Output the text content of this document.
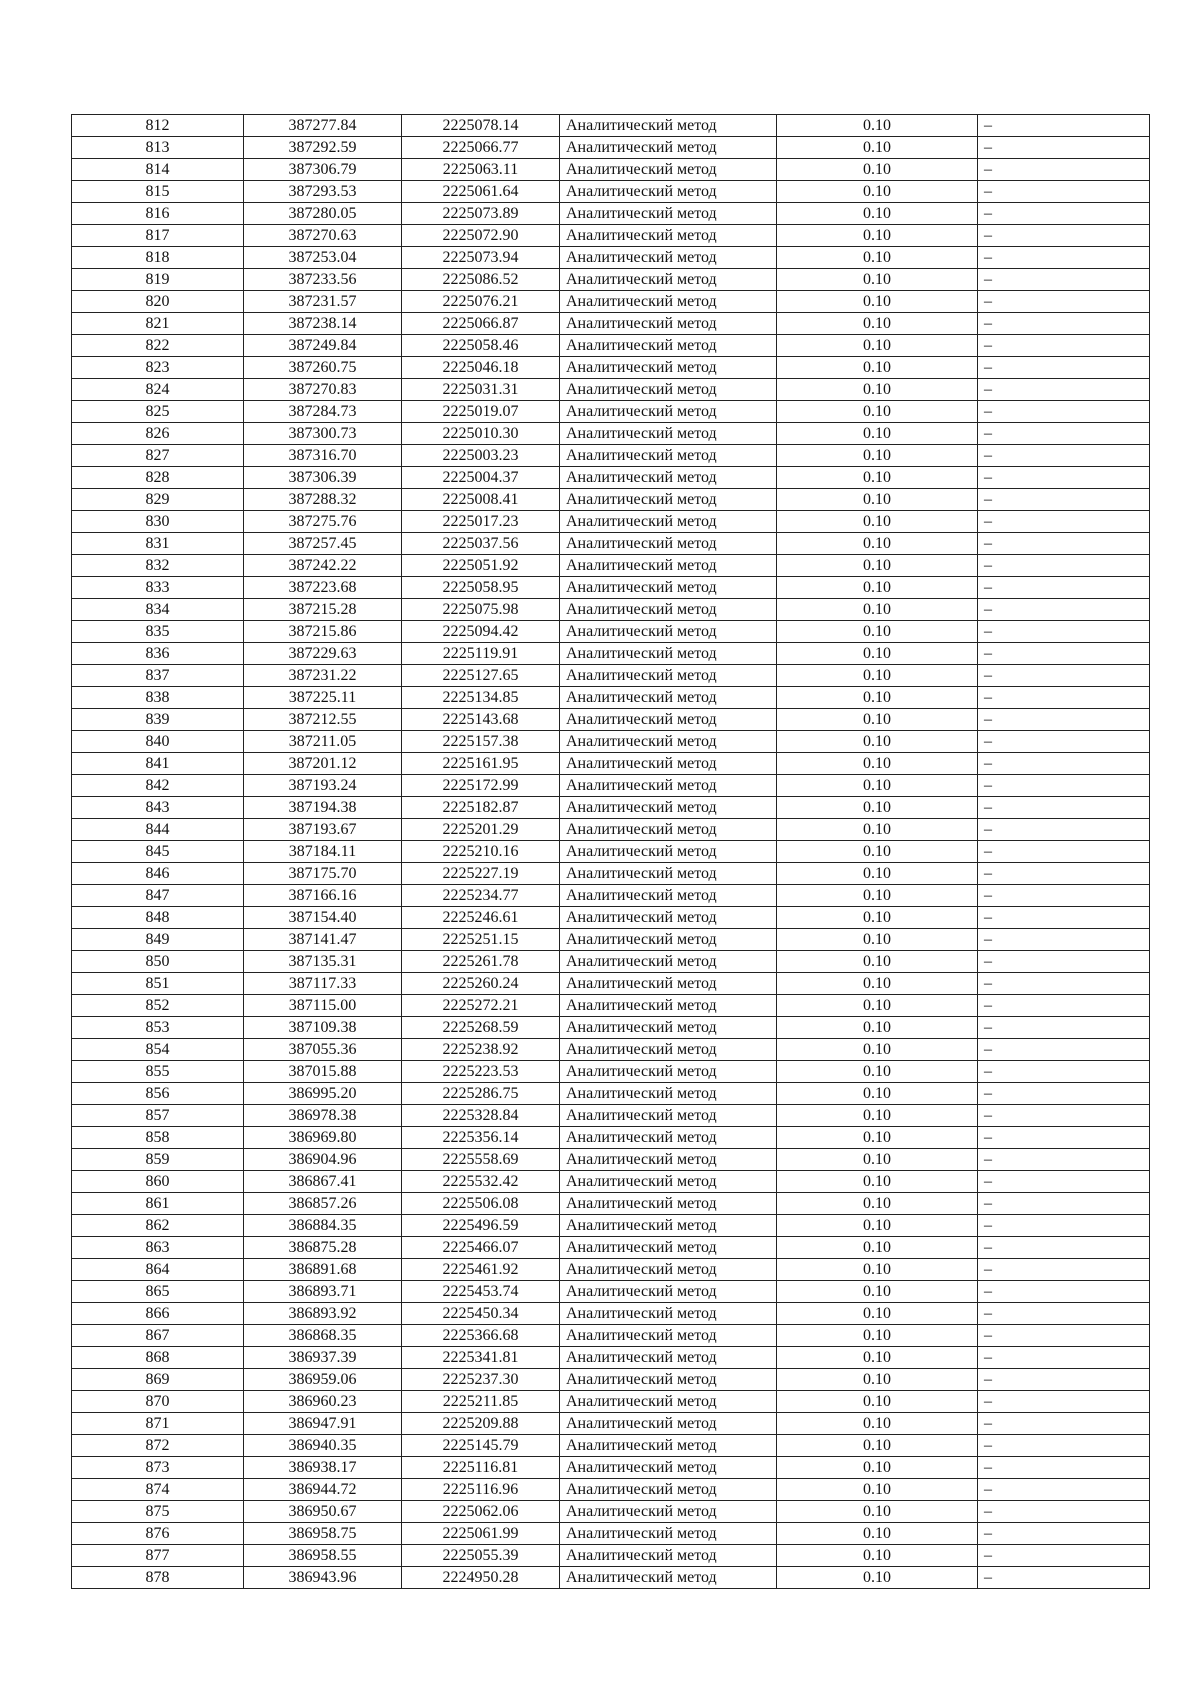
812	387277.84	2225078.14	Аналитический метод	0.10	–
813	387292.59	2225066.77	Аналитический метод	0.10	–
814	387306.79	2225063.11	Аналитический метод	0.10	–
815	387293.53	2225061.64	Аналитический метод	0.10	–
816	387280.05	2225073.89	Аналитический метод	0.10	–
817	387270.63	2225072.90	Аналитический метод	0.10	–
818	387253.04	2225073.94	Аналитический метод	0.10	–
819	387233.56	2225086.52	Аналитический метод	0.10	–
820	387231.57	2225076.21	Аналитический метод	0.10	–
821	387238.14	2225066.87	Аналитический метод	0.10	–
822	387249.84	2225058.46	Аналитический метод	0.10	–
823	387260.75	2225046.18	Аналитический метод	0.10	–
824	387270.83	2225031.31	Аналитический метод	0.10	–
825	387284.73	2225019.07	Аналитический метод	0.10	–
826	387300.73	2225010.30	Аналитический метод	0.10	–
827	387316.70	2225003.23	Аналитический метод	0.10	–
828	387306.39	2225004.37	Аналитический метод	0.10	–
829	387288.32	2225008.41	Аналитический метод	0.10	–
830	387275.76	2225017.23	Аналитический метод	0.10	–
831	387257.45	2225037.56	Аналитический метод	0.10	–
832	387242.22	2225051.92	Аналитический метод	0.10	–
833	387223.68	2225058.95	Аналитический метод	0.10	–
834	387215.28	2225075.98	Аналитический метод	0.10	–
835	387215.86	2225094.42	Аналитический метод	0.10	–
836	387229.63	2225119.91	Аналитический метод	0.10	–
837	387231.22	2225127.65	Аналитический метод	0.10	–
838	387225.11	2225134.85	Аналитический метод	0.10	–
839	387212.55	2225143.68	Аналитический метод	0.10	–
840	387211.05	2225157.38	Аналитический метод	0.10	–
841	387201.12	2225161.95	Аналитический метод	0.10	–
842	387193.24	2225172.99	Аналитический метод	0.10	–
843	387194.38	2225182.87	Аналитический метод	0.10	–
844	387193.67	2225201.29	Аналитический метод	0.10	–
845	387184.11	2225210.16	Аналитический метод	0.10	–
846	387175.70	2225227.19	Аналитический метод	0.10	–
847	387166.16	2225234.77	Аналитический метод	0.10	–
848	387154.40	2225246.61	Аналитический метод	0.10	–
849	387141.47	2225251.15	Аналитический метод	0.10	–
850	387135.31	2225261.78	Аналитический метод	0.10	–
851	387117.33	2225260.24	Аналитический метод	0.10	–
852	387115.00	2225272.21	Аналитический метод	0.10	–
853	387109.38	2225268.59	Аналитический метод	0.10	–
854	387055.36	2225238.92	Аналитический метод	0.10	–
855	387015.88	2225223.53	Аналитический метод	0.10	–
856	386995.20	2225286.75	Аналитический метод	0.10	–
857	386978.38	2225328.84	Аналитический метод	0.10	–
858	386969.80	2225356.14	Аналитический метод	0.10	–
859	386904.96	2225558.69	Аналитический метод	0.10	–
860	386867.41	2225532.42	Аналитический метод	0.10	–
861	386857.26	2225506.08	Аналитический метод	0.10	–
862	386884.35	2225496.59	Аналитический метод	0.10	–
863	386875.28	2225466.07	Аналитический метод	0.10	–
864	386891.68	2225461.92	Аналитический метод	0.10	–
865	386893.71	2225453.74	Аналитический метод	0.10	–
866	386893.92	2225450.34	Аналитический метод	0.10	–
867	386868.35	2225366.68	Аналитический метод	0.10	–
868	386937.39	2225341.81	Аналитический метод	0.10	–
869	386959.06	2225237.30	Аналитический метод	0.10	–
870	386960.23	2225211.85	Аналитический метод	0.10	–
871	386947.91	2225209.88	Аналитический метод	0.10	–
872	386940.35	2225145.79	Аналитический метод	0.10	–
873	386938.17	2225116.81	Аналитический метод	0.10	–
874	386944.72	2225116.96	Аналитический метод	0.10	–
875	386950.67	2225062.06	Аналитический метод	0.10	–
876	386958.75	2225061.99	Аналитический метод	0.10	–
877	386958.55	2225055.39	Аналитический метод	0.10	–
878	386943.96	2224950.28	Аналитический метод	0.10	–
